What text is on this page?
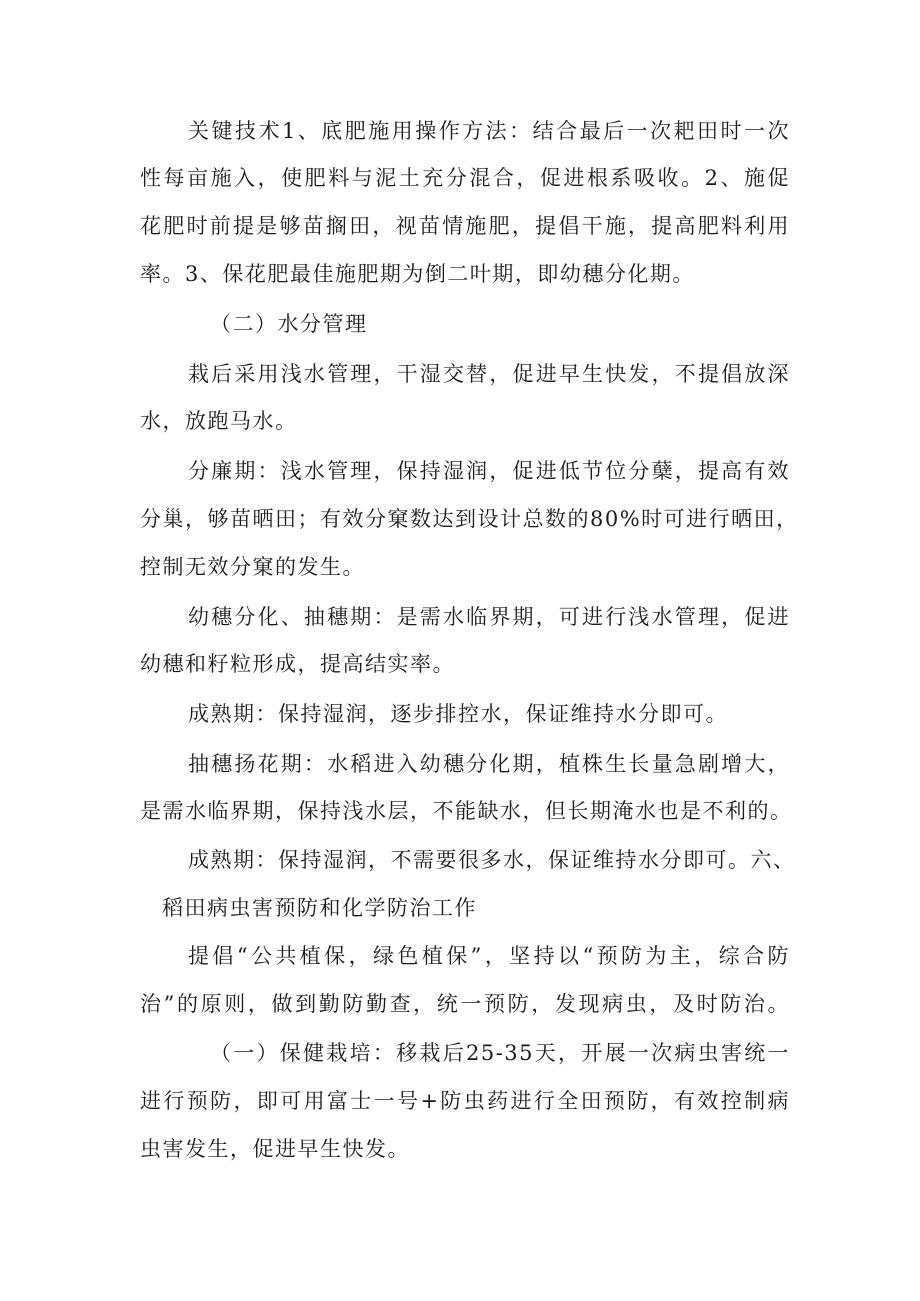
关键技术1、底肥施用操作方法：结合最后一次耙田时一次
性每亩施入，使肥料与泥土充分混合，促进根系吸收。2、施促
花肥时前提是够苗搁田，视苗情施肥，提倡干施，提高肥料利用
率。3、保花肥最佳施肥期为倒二叶期，即幼穗分化期。
（二）水分管理
栽后采用浅水管理，干湿交替，促进早生快发，不提倡放深
水，放跑马水。
分廉期：浅水管理，保持湿润，促进低节位分蘖，提高有效
分巢，够苗晒田；有效分窠数达到设计总数的80%时可进行晒田，
控制无效分窠的发生。
幼穗分化、抽穗期：是需水临界期，可进行浅水管理，促进
幼穗和籽粒形成，提高结实率。
成熟期：保持湿润，逐步排控水，保证维持水分即可。
抽穗扬花期：水稻进入幼穗分化期，植株生长量急剧增大，
是需水临界期，保持浅水层，不能缺水，但长期淹水也是不利的。
成熟期：保持湿润，不需要很多水，保证维持水分即可。六、
稻田病虫害预防和化学防治工作
提倡“公共植保，绿色植保”，坚持以“预防为主，综合防
治”的原则，做到勤防勤查，统一预防，发现病虫，及时防治。
（一）保健栽培：移栽后25-35天，开展一次病虫害统一
进行预防，即可用富士一号+防虫药进行全田预防，有效控制病
虫害发生，促进早生快发。
